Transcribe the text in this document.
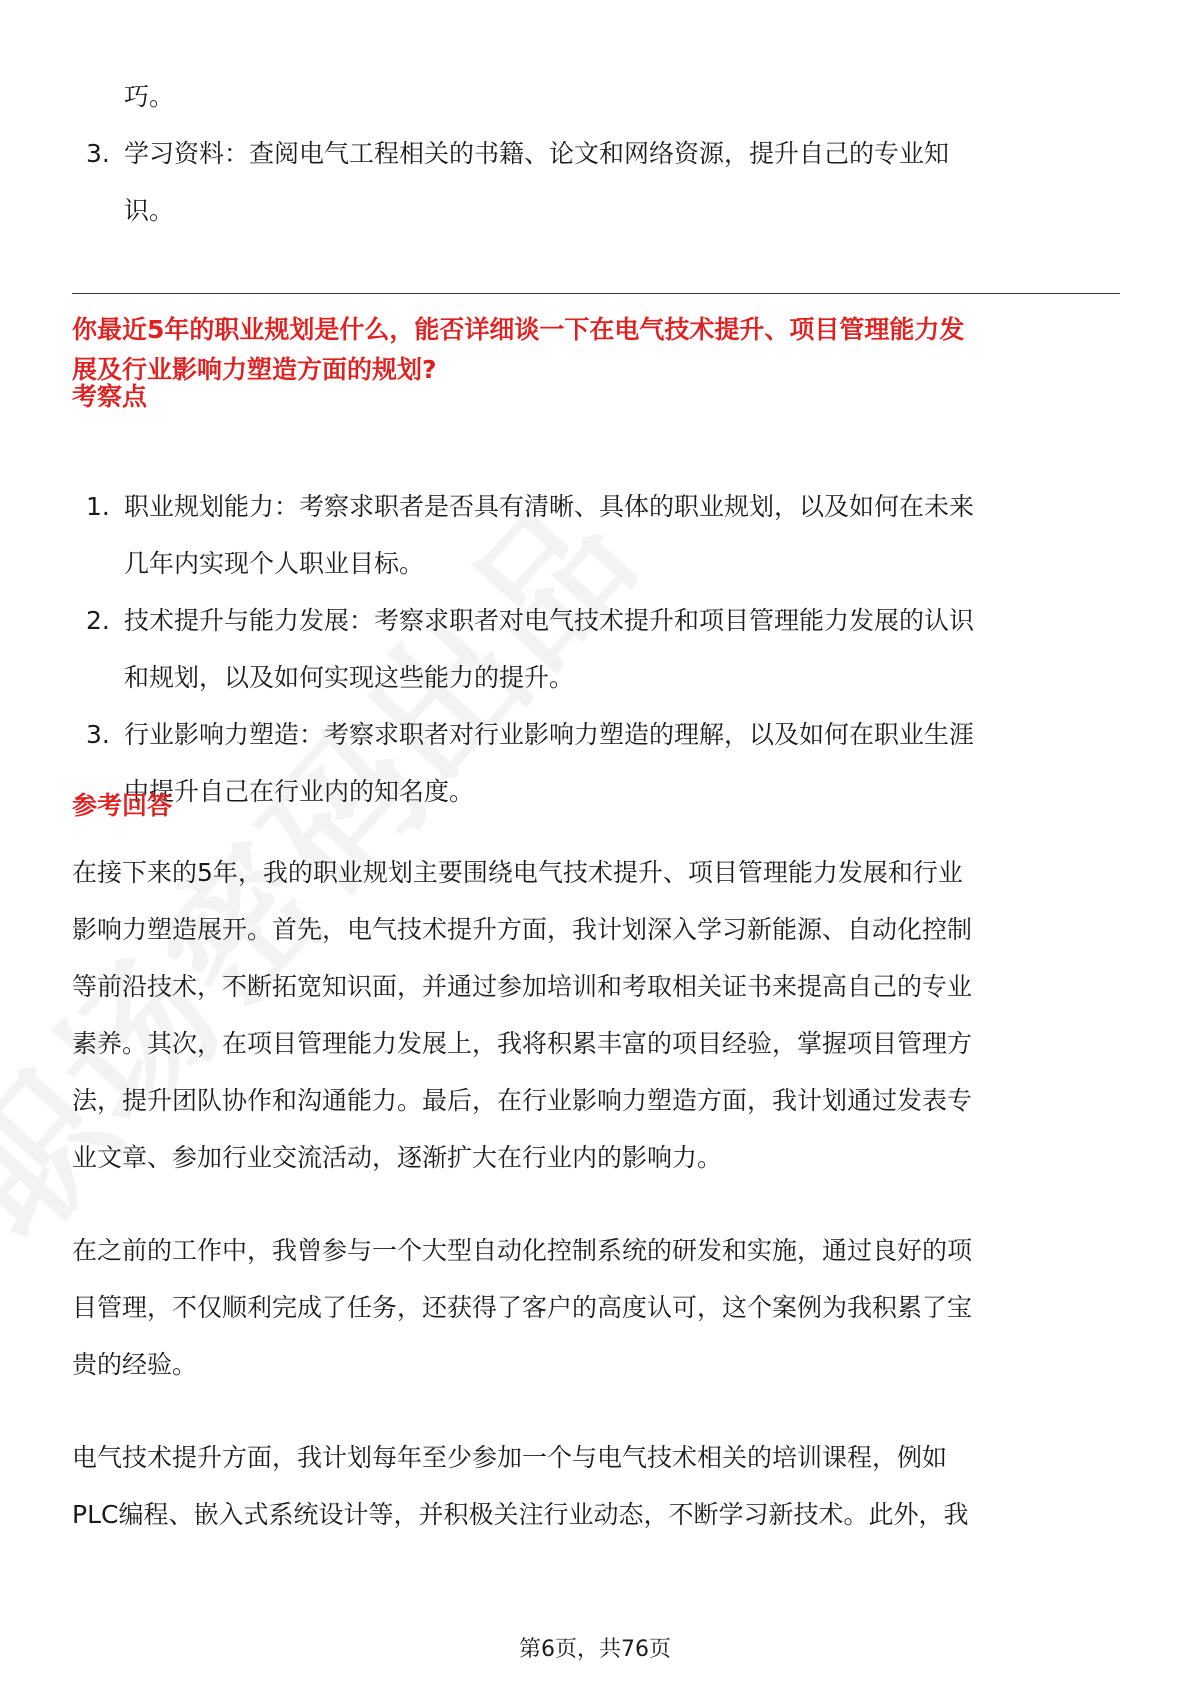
巧。

3. 学习资料：查阅电气工程相关的书籍、论文和网络资源，提升自己的专业知
识。

你最近5年的职业规划是什么，能否详细谈一下在电气技术提升、项目管理能力发
展及行业影响力塑造方面的规划?

考察点

1. 职业规划能力：考察求职者是否具有清晰、具体的职业规划，以及如何在未来
几年内实现个人职业目标。
2. 技术提升与能力发展：考察求职者对电气技术提升和项目管理能力发展的认识
和规划，以及如何实现这些能力的提升。
3. 行业影响力塑造：考察求职者对行业影响力塑造的理解，以及如何在职业生涯
中提升自己在行业内的知名度。

参考回答

在接下来的5年，我的职业规划主要围绕电气技术提升、项目管理能力发展和行业
影响力塑造展开。首先，电气技术提升方面，我计划深入学习新能源、自动化控制
等前沿技术，不断拓宽知识面，并通过参加培训和考取相关证书来提高自己的专业
素养。其次，在项目管理能力发展上，我将积累丰富的项目经验，掌握项目管理方
法，提升团队协作和沟通能力。最后，在行业影响力塑造方面，我计划通过发表专
业文章、参加行业交流活动，逐渐扩大在行业内的影响力。

在之前的工作中，我曾参与一个大型自动化控制系统的研发和实施，通过良好的项
目管理，不仅顺利完成了任务，还获得了客户的高度认可，这个案例为我积累了宝
贵的经验。

电气技术提升方面，我计划每年至少参加一个与电气技术相关的培训课程，例如
PLC编程、嵌入式系统设计等，并积极关注行业动态，不断学习新技术。此外，我

第6页，共76页
